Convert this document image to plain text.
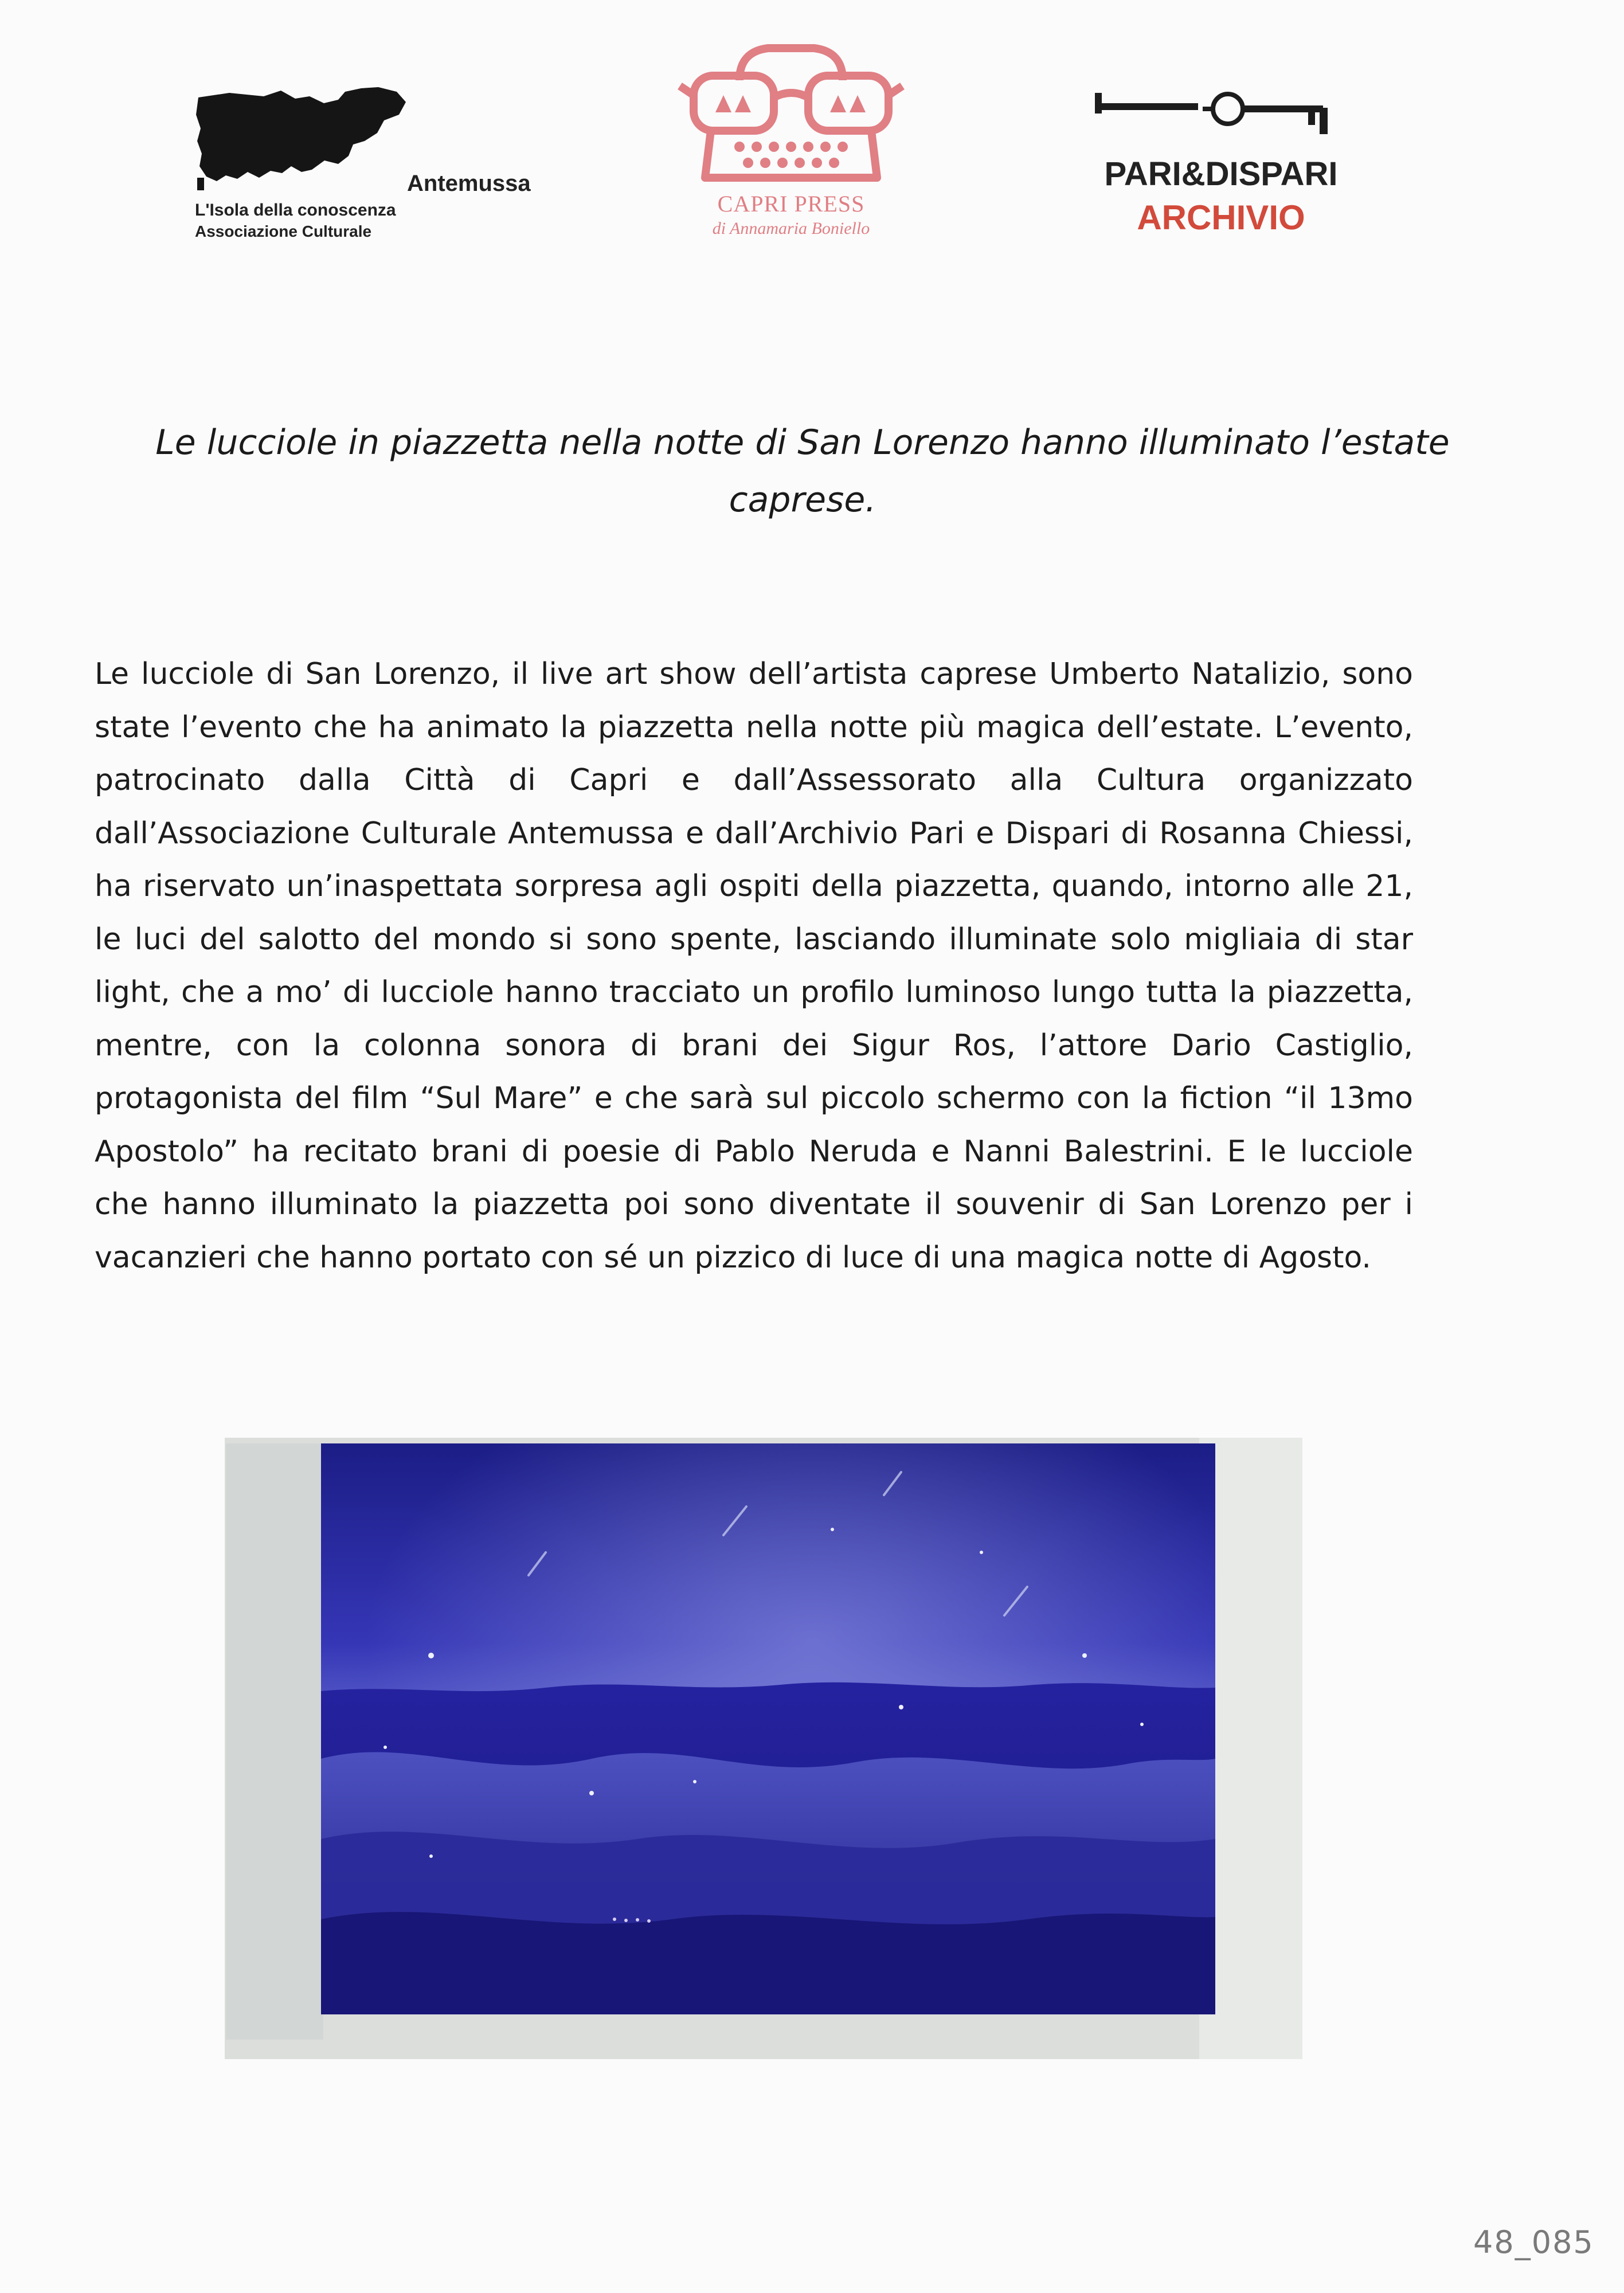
Antemussa
L'Isola della conoscenza
Associazione Culturale
CAPRI PRESS
di Annamaria Boniello
PARI&DISPARI
ARCHIVIO
Le lucciole in piazzetta nella notte di San Lorenzo hanno illuminato l’estate
caprese.

Le lucciole di San Lorenzo, il live art show dell’artista caprese Umberto Natalizio, sono state l’evento che ha animato la piazzetta nella notte più magica dell’estate. L’evento, patrocinato dalla Città di Capri e dall’Assessorato alla Cultura organizzato dall’Associazione Culturale Antemussa e dall’Archivio Pari e Dispari di Rosanna Chiessi, ha riservato un’inaspettata sorpresa agli ospiti della piazzetta, quando, intorno alle 21, le luci del salotto del mondo si sono spente, lasciando illuminate solo migliaia di star light, che a mo’ di lucciole hanno tracciato un profilo luminoso lungo tutta la piazzetta, mentre, con la colonna sonora di brani dei Sigur Ros, l’attore Dario Castiglio, protagonista del film “Sul Mare” e che sarà sul piccolo schermo con la fiction “il 13mo Apostolo” ha recitato brani di poesie di Pablo Neruda e Nanni Balestrini. E le lucciole che hanno illuminato la piazzetta poi sono diventate il souvenir di San Lorenzo per i vacanzieri che hanno portato con sé un pizzico di luce di una magica notte di Agosto.

48_085
